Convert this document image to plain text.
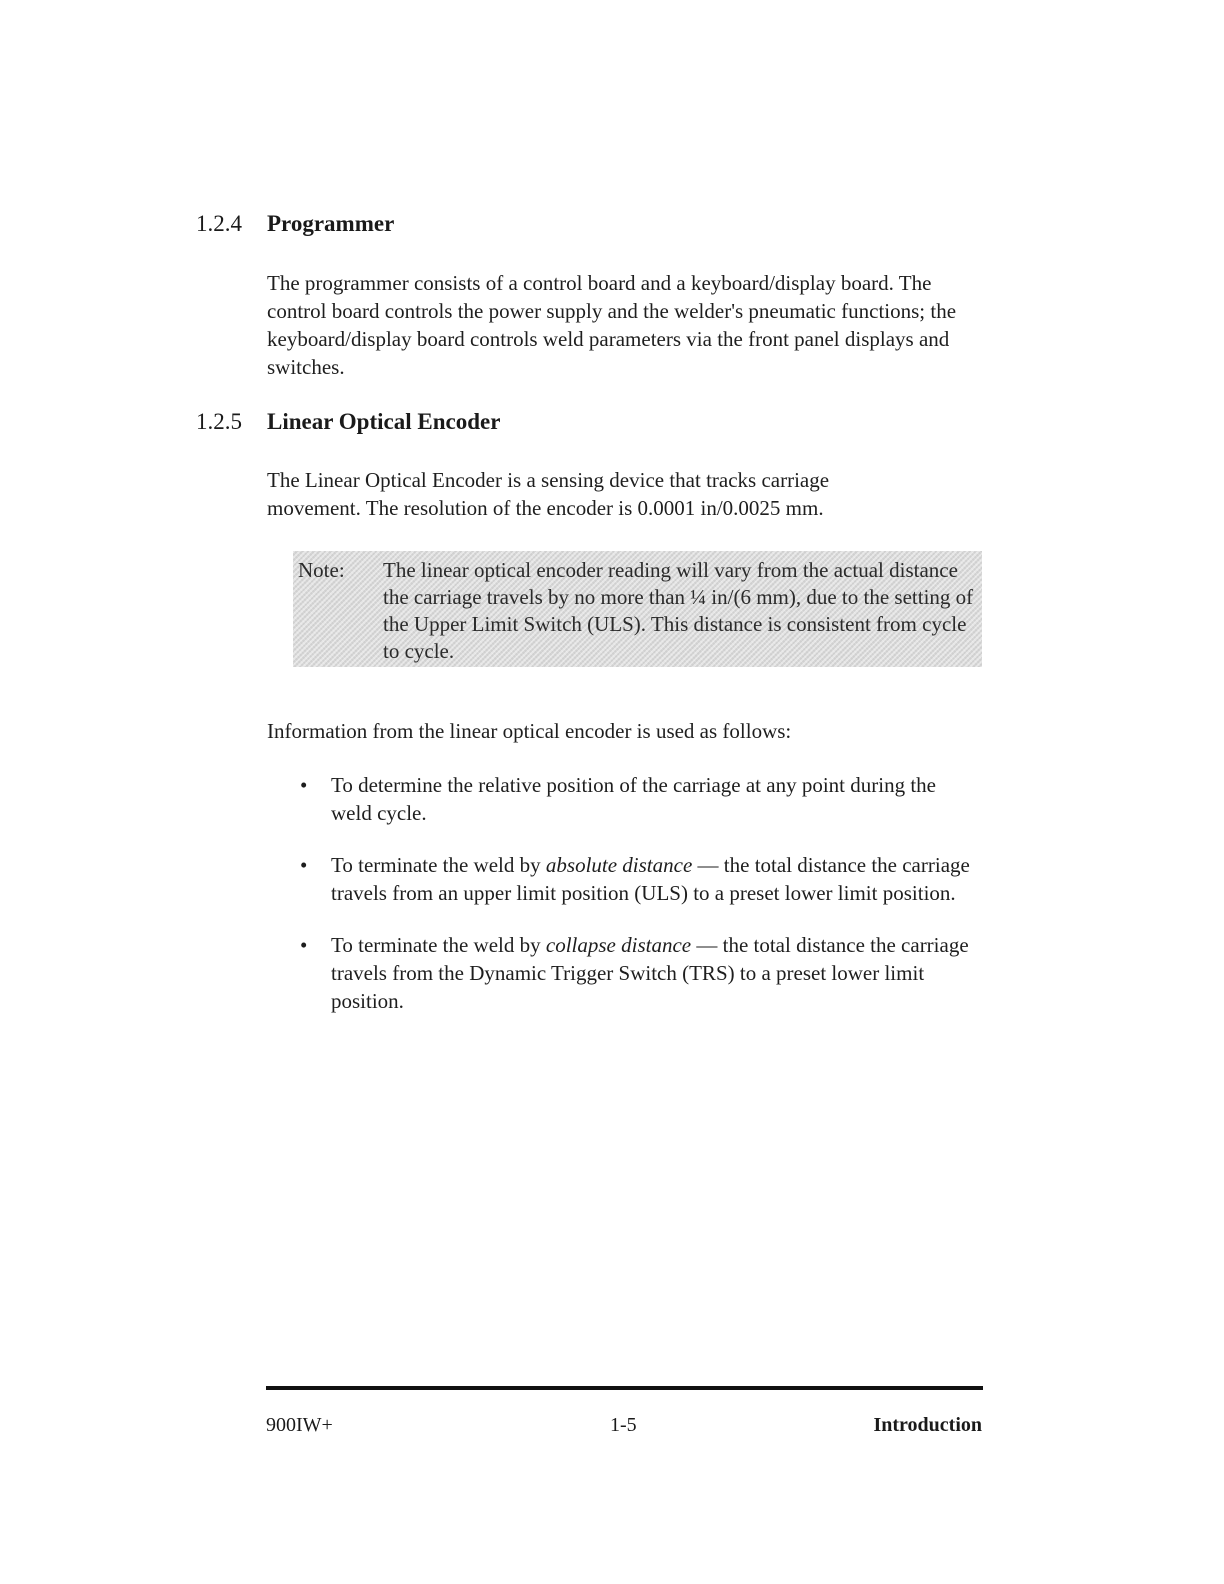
1.2.4 Programmer

The programmer consists of a control board and a keyboard/display board. The control board controls the power supply and the welder's pneumatic functions; the keyboard/display board controls weld parameters via the front panel displays and switches.

1.2.5 Linear Optical Encoder

The Linear Optical Encoder is a sensing device that tracks carriage movement. The resolution of the encoder is 0.0001 in/0.0025 mm.

Note: The linear optical encoder reading will vary from the actual distance the carriage travels by no more than ¼ in/(6 mm), due to the setting of the Upper Limit Switch (ULS). This distance is consistent from cycle to cycle.

Information from the linear optical encoder is used as follows:

• To determine the relative position of the carriage at any point during the weld cycle.
• To terminate the weld by absolute distance — the total distance the carriage travels from an upper limit position (ULS) to a preset lower limit position.
• To terminate the weld by collapse distance — the total distance the carriage travels from the Dynamic Trigger Switch (TRS) to a preset lower limit position.
900IW+	1-5	Introduction
